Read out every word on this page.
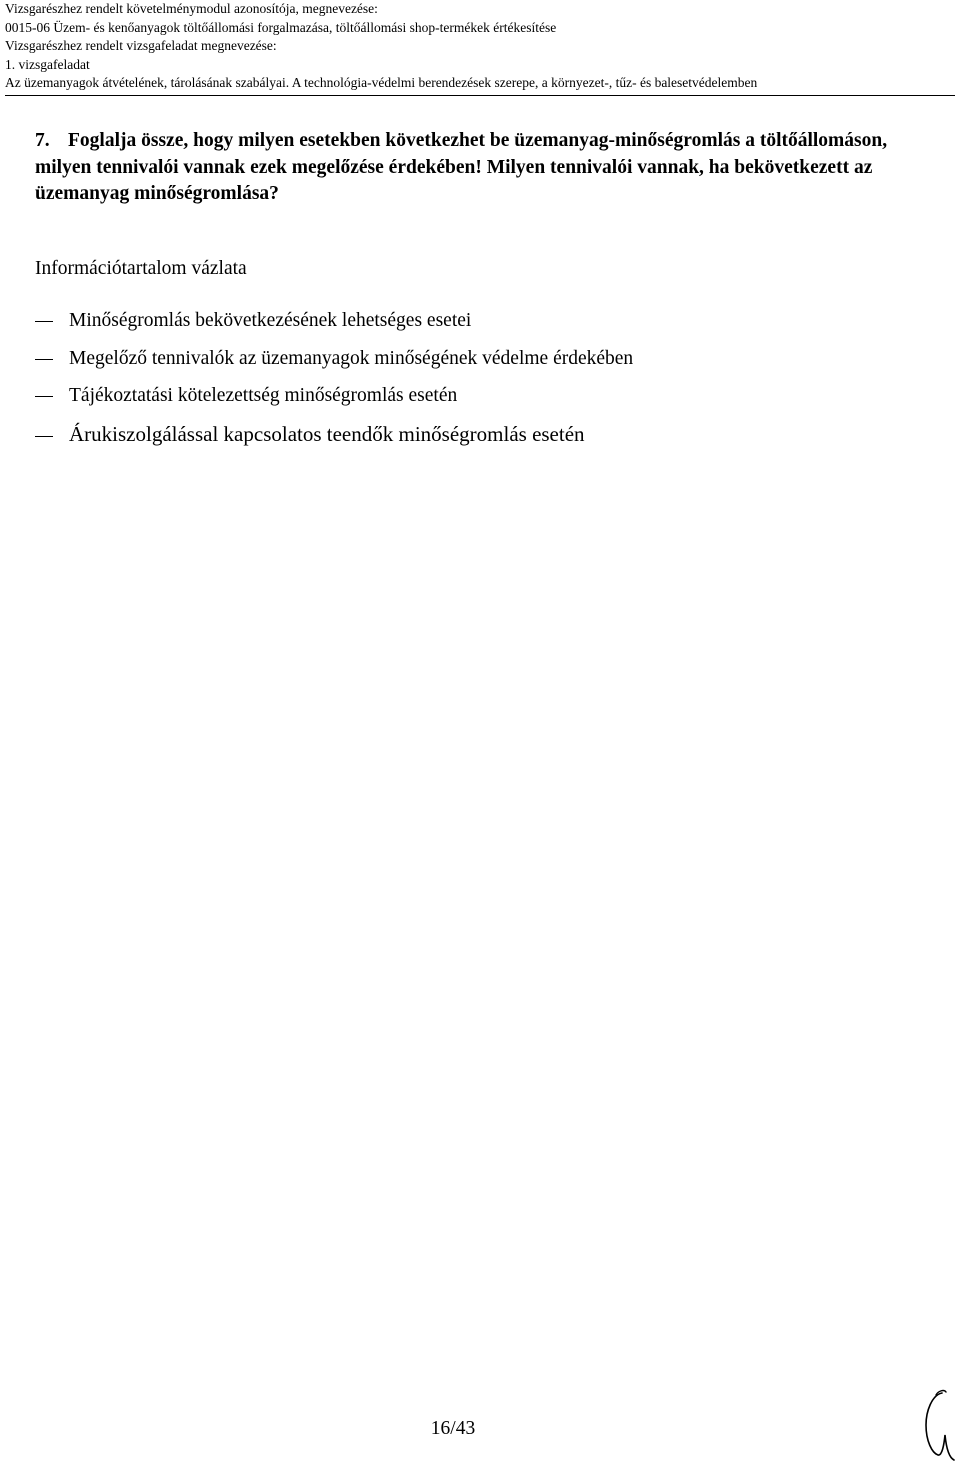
Vizsgarészhez rendelt követelménymodul azonosítója, megnevezése:
0015-06 Üzem- és kenőanyagok töltőállomási forgalmazása, töltőállomási shop-termékek értékesítése
Vizsgarészhez rendelt vizsgafeladat megnevezése:
1. vizsgafeladat
Az üzemanyagok átvételének, tárolásának szabályai. A technológia-védelmi berendezések szerepe, a környezet-, tűz- és balesetvédelemben
7. Foglalja össze, hogy milyen esetekben következhet be üzemanyag-minőségromlás a töltőállomáson, milyen tennivalói vannak ezek megelőzése érdekében! Milyen tennivalói vannak, ha bekövetkezett az üzemanyag minőségromlása?
Információtartalom vázlata
Minőségromlás bekövetkezésének lehetséges esetei
Megelőző tennivalók az üzemanyagok minőségének védelme érdekében
Tájékoztatási kötelezettség minőségromlás esetén
Árukiszolgálással kapcsolatos teendők minőségromlás esetén
16/43
